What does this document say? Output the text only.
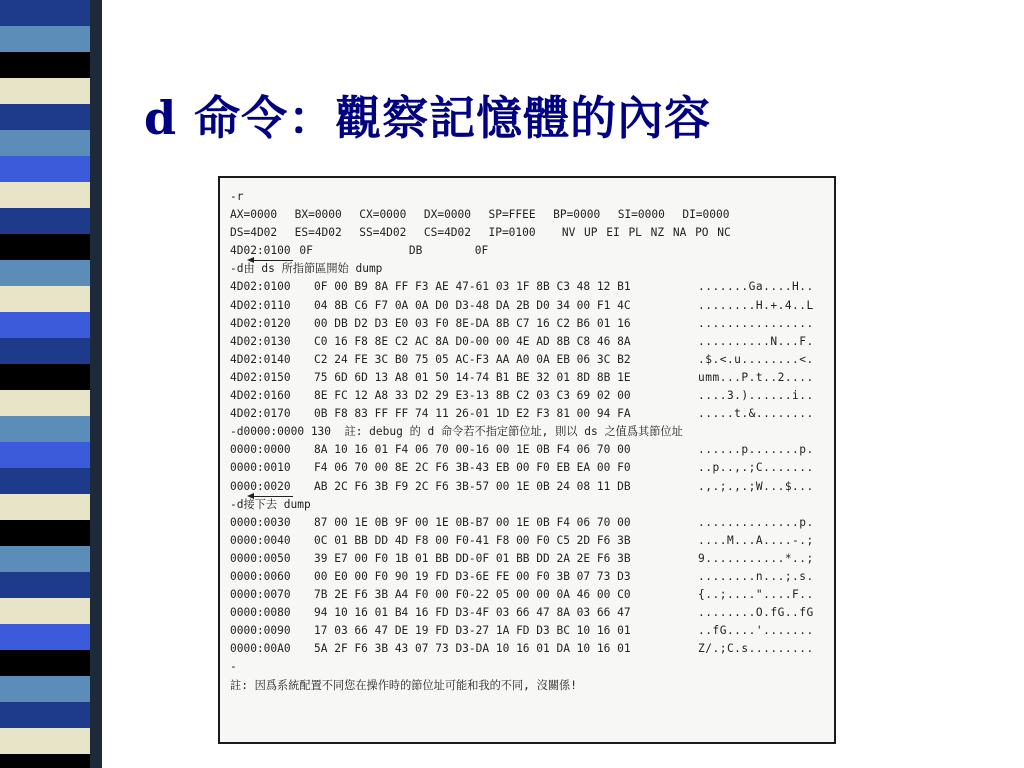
d 命令：觀察記憶體的內容
-r
AX=0000  BX=0000  CX=0000  DX=0000  SP=FFEE  BP=0000  SI=0000  DI=0000
DS=4D02  ES=4D02  SS=4D02  CS=4D02  IP=0100   NV UP EI PL NZ NA PO NC
4D02:0100 0F           DB      0F
-d
由 ds 所指節區開始 dump
4D02:0100 0F 00 B9 8A FF F3 AE 47-61 03 1F 8B C3 48 12 B1	.......Ga....H..
4D02:0110 04 8B C6 F7 0A 0A D0 D3-48 DA 2B D0 34 00 F1 4C	........H.+.4..L
4D02:0120 00 DB D2 D3 E0 03 F0 8E-DA 8B C7 16 C2 B6 01 16	................
4D02:0130 C0 16 F8 8E C2 AC 8A D0-00 00 4E AD 8B C8 46 8A	..........N...F.
4D02:0140 C2 24 FE 3C B0 75 05 AC-F3 AA A0 0A EB 06 3C B2	.$.<.u........<.
4D02:0150 75 6D 6D 13 A8 01 50 14-74 B1 BE 32 01 8D 8B 1E	umm...P.t..2....
4D02:0160 8E FC 12 A8 33 D2 29 E3-13 8B C2 03 C3 69 02 00	....3.)......i..
4D02:0170 0B F8 83 FF FF 74 11 26-01 1D E2 F3 81 00 94 FA	.....t.&........
-d0000:0000 130  註: debug 的 d 命令若不指定節位址, 則以 ds 之值爲其節位址
0000:0000 8A 10 16 01 F4 06 70 00-16 00 1E 0B F4 06 70 00	......p.......p.
0000:0010 F4 06 70 00 8E 2C F6 3B-43 EB 00 F0 EB EA 00 F0	..p..,.;C.......
0000:0020 AB 2C F6 3B F9 2C F6 3B-57 00 1E 0B 24 08 11 DB	.,.;.,.;W...$...
-d
接下去 dump
0000:0030 87 00 1E 0B 9F 00 1E 0B-B7 00 1E 0B F4 06 70 00	..............p.
0000:0040 0C 01 BB DD 4D F8 00 F0-41 F8 00 F0 C5 2D F6 3B	....M...A....-.;
0000:0050 39 E7 00 F0 1B 01 BB DD-0F 01 BB DD 2A 2E F6 3B	9...........*..;
0000:0060 00 E0 00 F0 90 19 FD D3-6E FE 00 F0 3B 07 73 D3	........n...;.s.
0000:0070 7B 2E F6 3B A4 F0 00 F0-22 05 00 00 0A 46 00 C0	{..;...."....F..
0000:0080 94 10 16 01 B4 16 FD D3-4F 03 66 47 8A 03 66 47	........O.fG..fG
0000:0090 17 03 66 47 DE 19 FD D3-27 1A FD D3 BC 10 16 01	..fG....'.......
0000:00A0 5A 2F F6 3B 43 07 73 D3-DA 10 16 01 DA 10 16 01	Z/.;C.s.........
-
註: 因爲系統配置不同您在操作時的節位址可能和我的不同, 沒關係!
